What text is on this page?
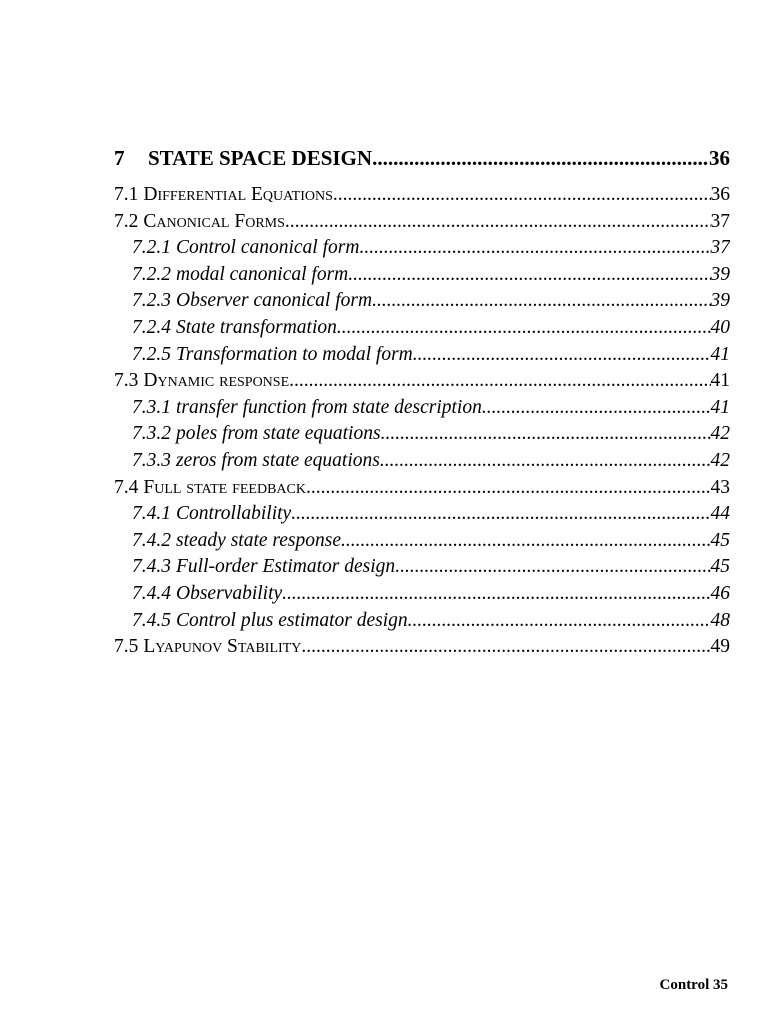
7	STATE SPACE DESIGN .....	36
7.1 Differential Equations .....	36
7.2 Canonical Forms .....	37
7.2.1 Control canonical form .....	37
7.2.2 modal canonical form .....	39
7.2.3 Observer canonical form .....	39
7.2.4 State transformation .....	40
7.2.5 Transformation to modal form .....	41
7.3 Dynamic response .....	41
7.3.1 transfer function from state description .....	41
7.3.2 poles from state equations .....	42
7.3.3 zeros from state equations .....	42
7.4 Full state feedback .....	43
7.4.1 Controllability .....	44
7.4.2 steady state response .....	45
7.4.3 Full-order Estimator design .....	45
7.4.4 Observability .....	46
7.4.5 Control plus estimator design .....	48
7.5 Lyapunov Stability .....	49
Control 35
